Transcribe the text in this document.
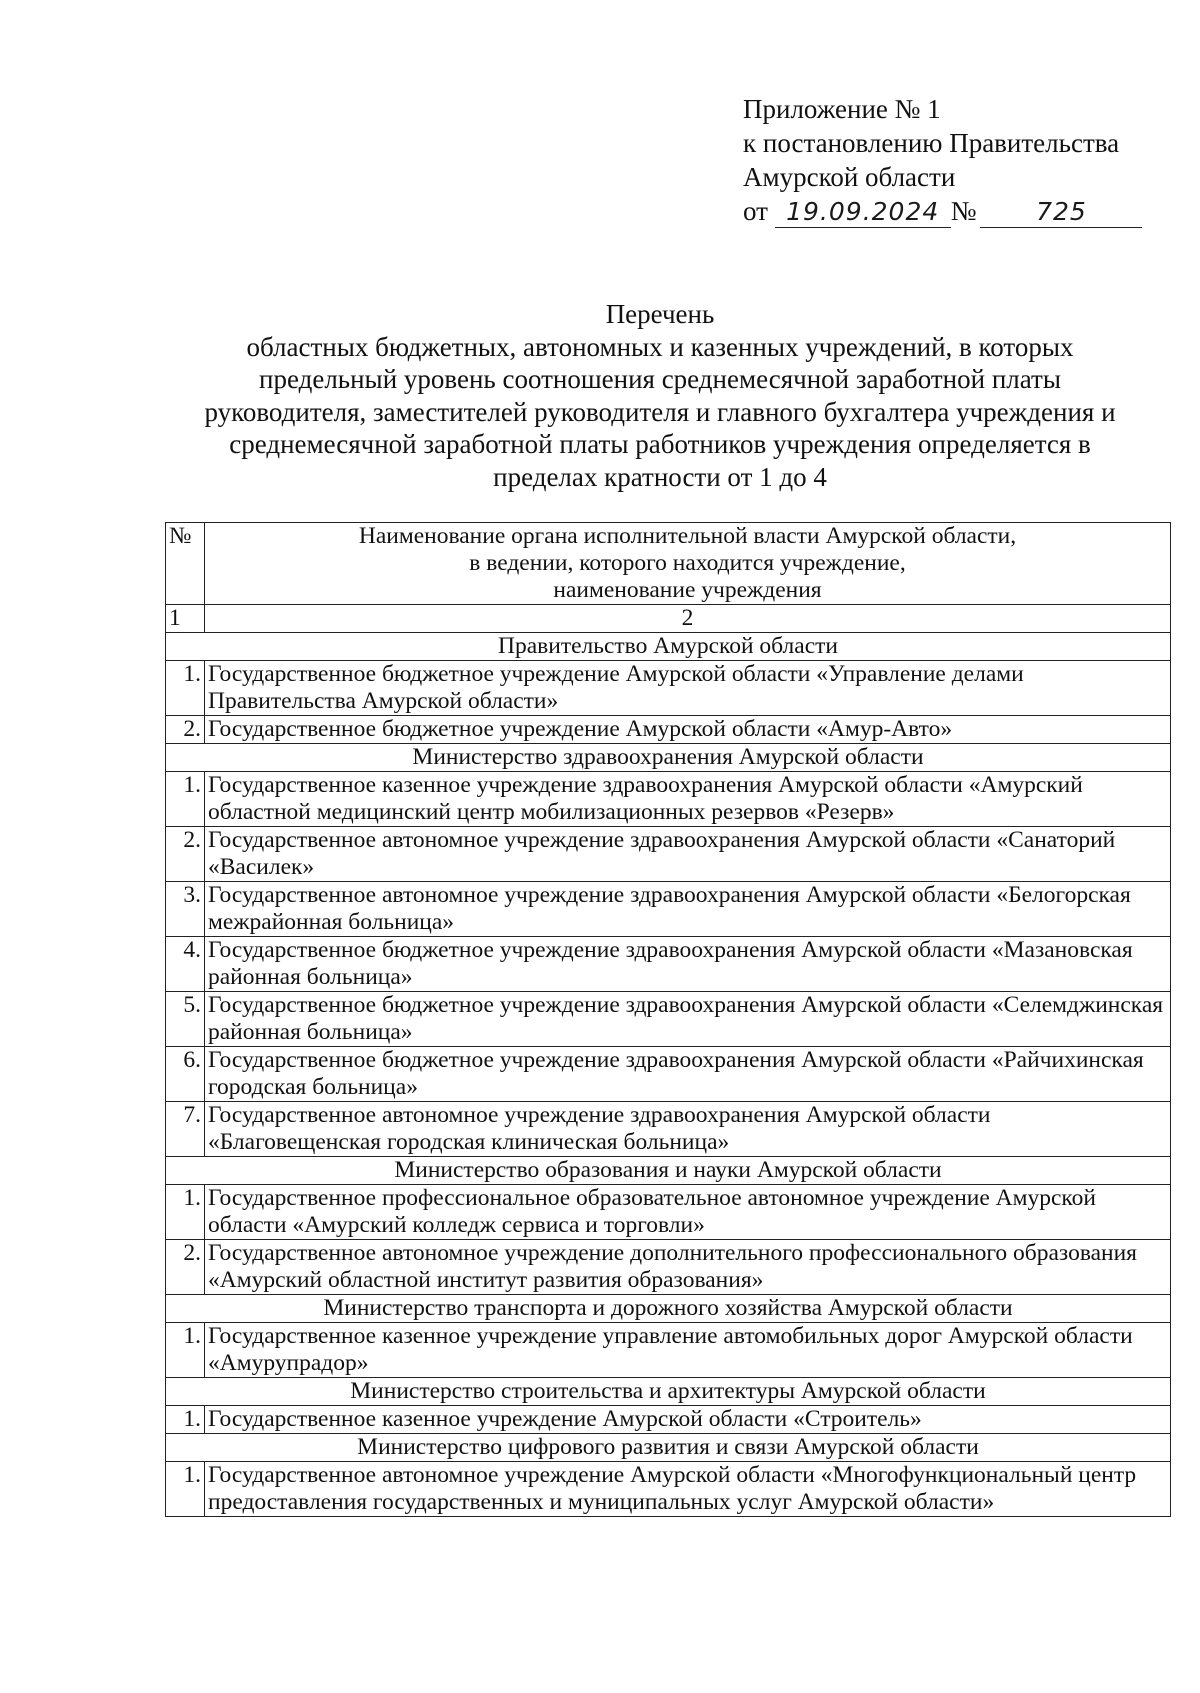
Приложение № 1
к постановлению Правительства
Амурской области
от 19.09.2024 № 725
Перечень
областных бюджетных, автономных и казенных учреждений, в которых
предельный уровень соотношения среднемесячной заработной платы
руководителя, заместителей руководителя и главного бухгалтера учреждения и
среднемесячной заработной платы работников учреждения определяется в
пределах кратности от 1 до 4
№	Наименование органа исполнительной власти Амурской области,
в ведении, которого находится учреждение,
наименование учреждения

1	2
Правительство Амурской области	
1.	Государственное бюджетное учреждение Амурской области «Управление делами Правительства Амурской области»
2.	Государственное бюджетное учреждение Амурской области «Амур-Авто»
Министерство здравоохранения Амурской области	
1.	Государственное казенное учреждение здравоохранения Амурской области «Амурский областной медицинский центр мобилизационных резервов «Резерв»
2.	Государственное автономное учреждение здравоохранения Амурской области «Санаторий «Василек»
3.	Государственное автономное учреждение здравоохранения Амурской области «Белогорская межрайонная больница»
4.	Государственное бюджетное учреждение здравоохранения Амурской области «Мазановская районная больница»
5.	Государственное бюджетное учреждение здравоохранения Амурской области «Селемджинская районная больница»
6.	Государственное бюджетное учреждение здравоохранения Амурской области «Райчихинская городская больница»
7.	Государственное автономное учреждение здравоохранения Амурской области «Благовещенская городская клиническая больница»
Министерство образования и науки Амурской области	
1.	Государственное профессиональное образовательное автономное учреждение Амурской области «Амурский колледж сервиса и торговли»
2.	Государственное автономное учреждение дополнительного профессионального образования «Амурский областной институт развития образования»
Министерство транспорта и дорожного хозяйства Амурской области	
1.	Государственное казенное учреждение управление автомобильных дорог Амурской области «Амурупрадор»
Министерство строительства и архитектуры Амурской области	
1.	Государственное казенное учреждение Амурской области «Строитель»
Министерство цифрового развития и связи Амурской области	
1.	Государственное автономное учреждение Амурской области «Многофункциональный центр предоставления государственных и муниципальных услуг Амурской области»
